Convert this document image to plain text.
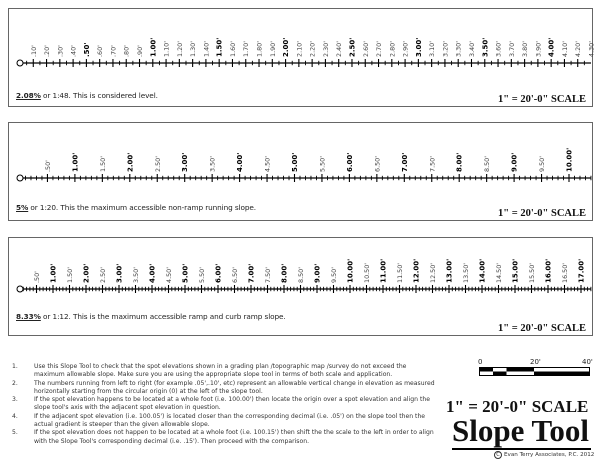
.10' .20' .30' .40' .50' .60' .70' .80' .90' 1.00' 1.10' 1.20' 1.30' 1.40' 1.50' 1.60' 1.70' 1.80' 1.90' 2.00' 2.10' 2.20' 2.30' 2.40' 2.50' 2.60' 2.70' 2.80' 2.90' 3.00' 3.10' 3.20' 3.30' 3.40' 3.50' 3.60' 3.70' 3.80' 3.90' 4.00' 4.10' 4.20' 4.30'
2.08% or 1:48. This is considered level.	1" = 20'-0" SCALE
.50'	1.00'	1.50'	2.00'	2.50'	3.00'	3.50'	4.00'	4.50'	5.00'	5.50'	6.00'	6.50'	7.00'	7.50'	8.00'	8.50'	9.00'	9.50'	10.00'
5% or 1:20. This the maximum accessible non-ramp running slope.
1" = 20'-0" SCALE
.50' 1.00' 1.50' 2.00' 2.50' 3.00' 3.50' 4.00' 4.50' 5.00' 5.50' 6.00' 6.50' 7.00' 7.50' 8.00' 8.50' 9.00' 9.50' 10.00' 10.50' 11.00' 11.50' 12.00' 12.50' 13.00' 13.50' 14.00' 14.50' 15.00' 15.50' 16.00' 16.50' 17.00'
8.33% or 1:12. This is the maximum accessible ramp and curb ramp slope.
1" = 20'-0" SCALE
1.	Use this Slope Tool to check that the spot elevations shown in a grading plan /topographic map /survey do not exceed the maximum allowable slope. Make sure you are using the appropriate slope tool in terms of both scale and application.
2.	The numbers running from left to right (for example .05',.10', etc) represent an allowable vertical change in elevation as measured horizontally starting from the circular origin (0) at the left of the slope tool.
3.	If the spot elevation happens to be located at a whole foot (i.e. 100.00') then locate the origin over a spot elevation and align the slope tool's axis with the adjacent spot elevation in question.
4.	If the adjacent spot elevation (i.e. 100.05') is located closer than the corresponding decimal (i.e. .05') on the slope tool then the actual gradient is steeper than the given allowable slope.
5.	If the spot elevation does not happen to be located at a whole foot (i.e. 100.15') then shift the the scale to the left in order to align with the Slope Tool's corresponding decimal (i.e. .15'). Then proceed with the comparison.
0	20'	40'
1" = 20'-0" SCALE
Slope Tool
C Evan Terry Associates, P.C. 2012
